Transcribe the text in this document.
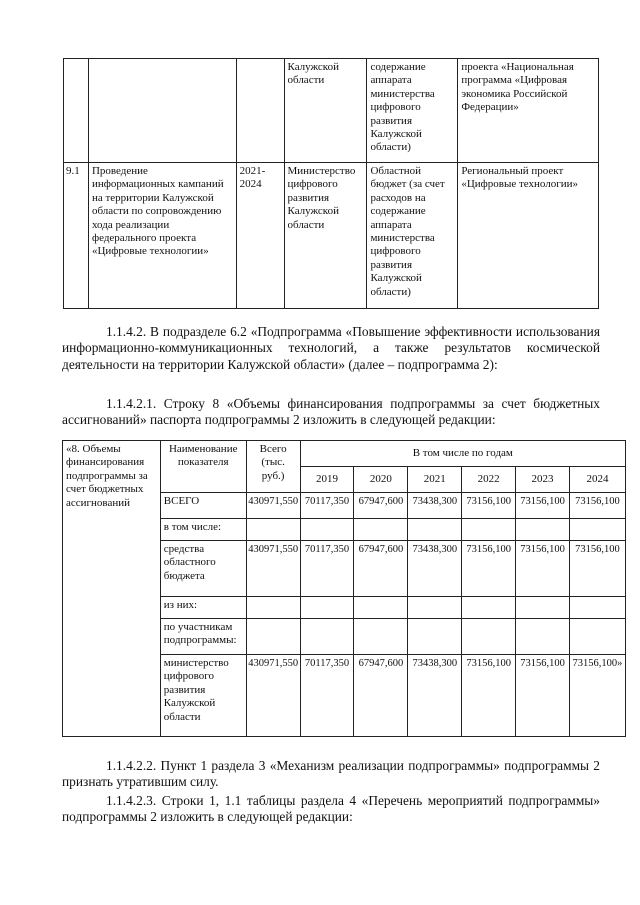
			Калужской области	содержание аппарата министерства цифрового развития Калужской области)	проекта «Национальная программа «Цифровая экономика Российской Федерации»
9.1	Проведение информационных кампаний на территории Калужской области по сопровождению хода реализации федерального проекта «Цифровые технологии»	2021-2024	Министерство цифрового развития Калужской области	Областной бюджет (за счет расходов на содержание аппарата министерства цифрового развития Калужской области)	Региональный проект «Цифровые технологии»

1.1.4.2. В подразделе 6.2 «Подпрограмма «Повышение эффективности использования информационно-коммуникационных технологий, а также результатов космической деятельности на территории Калужской области» (далее – подпрограмма 2):

1.1.4.2.1. Строку 8 «Объемы финансирования подпрограммы за счет бюджетных ассигнований» паспорта подпрограммы 2 изложить в следующей редакции:

«8. Объемы финансирования подпрограммы за счет бюджетных ассигнований	Наименование показателя	Всего (тыс. руб.)	В том числе по годам					
			2019	2020	2021	2022	2023	2024
	ВСЕГО	430971,550	70117,350	67947,600	73438,300	73156,100	73156,100	73156,100
	в том числе:							
	средства областного бюджета	430971,550	70117,350	67947,600	73438,300	73156,100	73156,100	73156,100
	из них:							
	по участникам подпрограммы:							
	министерство цифрового развития Калужской области	430971,550	70117,350	67947,600	73438,300	73156,100	73156,100	73156,100»

1.1.4.2.2. Пункт 1 раздела 3 «Механизм реализации подпрограммы» подпрограммы 2 признать утратившим силу.

1.1.4.2.3. Строки 1, 1.1 таблицы раздела 4 «Перечень мероприятий подпрограммы» подпрограммы 2 изложить в следующей редакции:
